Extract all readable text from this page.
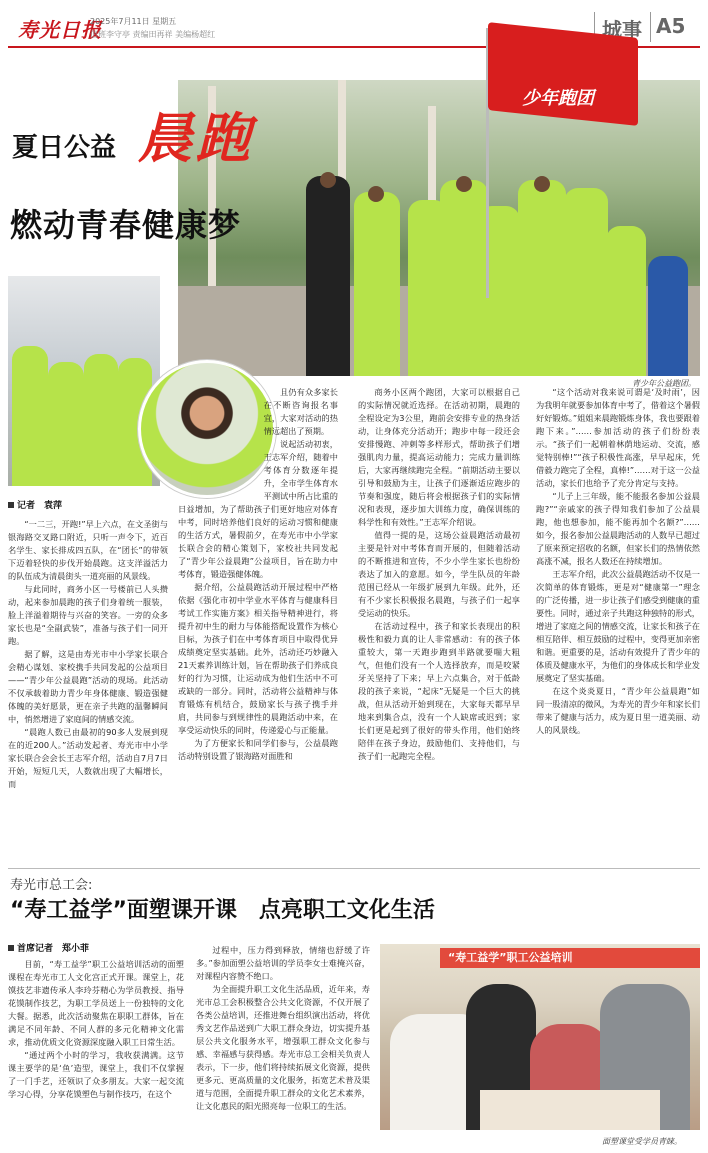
寿光日报
2025年7月11日 星期五
值班李守亭 责编田再祥 美编杨超红	城事 A5
少年跑团
青少年公益跑团。
夏日公益 晨跑
燃动青春健康梦
记者　袁萍

“一二三，开跑!”早上六点，在文圣街与银海路交叉路口附近，只听一声令下，近百名学生、家长排成四五队，在“团长”的带领下迈着轻快的步伐开始晨跑。这支洋溢活力的队伍成为清晨街头一道亮丽的风景线。

与此同时，商务小区一号楼前已人头攒动，起来参加晨跑的孩子们身着统一服装，脸上洋溢着期待与兴奋的笑容。一旁的众多家长也是“全副武装”，准备与孩子们一同开跑。

据了解，这是由寿光市中小学家长联合会精心谋划、家校携手共同发起的公益项目——“青少年公益晨跑”活动的现场。此活动不仅承载着助力青少年身体健康、锻造强健体魄的美好愿景，更在亲子共跑的温馨瞬间中，悄然增进了家庭间的情感交流。

“晨跑人数已由最初的90多人发展到现在的近200人。”活动发起者、寿光市中小学家长联合会会长王志军介绍，活动自7月7日开始，短短几天，人数就出现了大幅增长，而

且仍有众多家长在不断咨询报名事宜，大家对活动的热情远超出了预期。

说起活动初衷，王志军介绍，随着中考体育分数逐年提升，全市学生体育水平测试中所占比重的日益增加，为了帮助孩子们更好地应对体育中考，同时培养他们良好的运动习惯和健康的生活方式，暑假前夕，在寿光市中小学家长联合会的精心策划下，家校社共同发起了“青少年公益晨跑”公益项目，旨在助力中考体育，锻造强健体魄。

据介绍，公益晨跑活动开展过程中严格依据《强化市初中学业水平体育与健康科目考试工作实施方案》相关指导精神进行，将提升初中生的耐力与体能搭配设置作为核心目标，为孩子们在中考体育项目中取得优异成绩奠定坚实基础。此外，活动还巧妙融入21天素养训练计划，旨在帮助孩子们养成良好的行为习惯，让运动成为他们生活中不可或缺的一部分。同时，活动将公益精神与体育锻炼有机结合，鼓励家长与孩子携手并肩，共同参与到规律性的晨跑活动中来，在享受运动快乐的同时，传递爱心与正能量。

为了方便家长和同学们参与，公益晨跑活动特别设置了银海路对面胜和

商务小区两个跑团，大家可以根据自己的实际情况就近选择。在活动初期，晨跑的全程设定为3公里，跑前会安排专业的热身活动，让身体充分活动开；跑步中每一段还会安排慢跑、冲刺等多样形式，帮助孩子们增强肌肉力量，提高运动能力；完成力量训练后，大家再继续跑完全程。“前期活动主要以引导和鼓励为主，让孩子们逐渐适应跑步的节奏和强度，随后将会根据孩子们的实际情况和表现，逐步加大训练力度，确保训练的科学性和有效性。”王志军介绍说。

值得一提的是，这场公益晨跑活动最初主要是针对中考体育而开展的，但随着活动的不断推进和宣传，不少小学生家长也纷纷表达了加入的意愿。如今，学生队员的年龄范围已经从一年级扩展到九年级。此外，还有不少家长积极报名晨跑，与孩子们一起享受运动的快乐。

在活动过程中，孩子和家长表现出的积极性和毅力真的让人非常感动：有的孩子体重较大，第一天跑步跑到半路就要喘大粗气，但他们没有一个人选择放弃，而是咬紧牙关坚持了下来；早上六点集合，对于低龄段的孩子来说，“起床”无疑是一个巨大的挑战，但从活动开始到现在，大家每天都早早地来到集合点，没有一个人缺席或迟到；家长们更是起到了很好的带头作用，他们始终陪伴在孩子身边，鼓励他们、支持他们，与孩子们一起跑完全程。

“这个活动对我来说可谓是‘及时雨’，因为我明年就要参加体育中考了，借着这个暑假好好锻炼。”姐姐来晨跑锻炼身体，我也要跟着跑下来。”……参加活动的孩子们纷纷表示。“孩子们一起朝着林荫地运动、交流，感觉特别棒!”“孩子积极性高涨，早早起床，凭借毅力跑完了全程，真棒!”……对于这一公益活动，家长们也给予了充分肯定与支持。

“儿子上三年级，能不能报名参加公益晨跑?”“亲戚家的孩子得知我们参加了公益晨跑，他也想参加，能不能再加个名额?”……如今，报名参加公益晨跑活动的人数早已超过了原来预定招收的名额，但家长们的热情依然高涨不减，报名人数还在持续增加。

王志军介绍，此次公益晨跑活动不仅是一次简单的体育锻炼，更是对“健康第一”理念的广泛传播，进一步让孩子们感受到健康的重要性。同时，通过亲子共跑这种独特的形式，增进了家庭之间的情感交流，让家长和孩子在相互陪伴、相互鼓励的过程中，变得更加亲密和谐。更重要的是，活动有效提升了青少年的体质及健康水平，为他们的身体成长和学业发展奠定了坚实基础。

在这个炎炎夏日，“青少年公益晨跑”如同一股清凉的微风，为寿光的青少年和家长们带来了健康与活力，成为夏日里一道美丽、动人的风景线。

寿光市总工会:
“寿工益学”面塑课开课　点亮职工文化生活
首席记者　郑小菲

目前，“寿工益学”职工公益培训活动的面塑课程在寿光市工人文化宫正式开课。课堂上，花馍技艺非遗传承人李玲芬精心为学员教授、指导花馍制作技艺，为职工学员送上一份独特的文化大餐。据悉，此次活动聚焦在职职工群体，旨在满足不同年龄、不同人群的多元化精神文化需求，推动优质文化资源深度融入职工日常生活。

“通过两个小时的学习，我收获满满。这节课主要学的是‘鱼’造型，课堂上，我们不仅掌握了一门手艺，还领识了众多朋友。大家一起交流学习心得，分享花馍塑色与制作技巧，在这个

过程中，压力得到释放，情绪也舒缓了许多。”参加面塑公益培训的学员李女士难掩兴奋，对课程内容赞不绝口。

为全面提升职工文化生活品质，近年来，寿光市总工会积极整合公共文化资源，不仅开展了各类公益培训，还推进舞台组织演出活动，将优秀文艺作品送到广大职工群众身边，切实提升基层公共文化服务水平，增强职工群众文化参与感、幸福感与获得感。寿光市总工会相关负责人表示，下一步，他们将持续拓展文化资源，提供更多元、更高质量的文化服务，拓宽艺术普及渠道与范围，全面提升职工群众的文化艺术素养，让文化惠民的阳光照亮每一位职工的生活。

“寿工益学”职工公益培训
面塑课堂受学员青睐。
